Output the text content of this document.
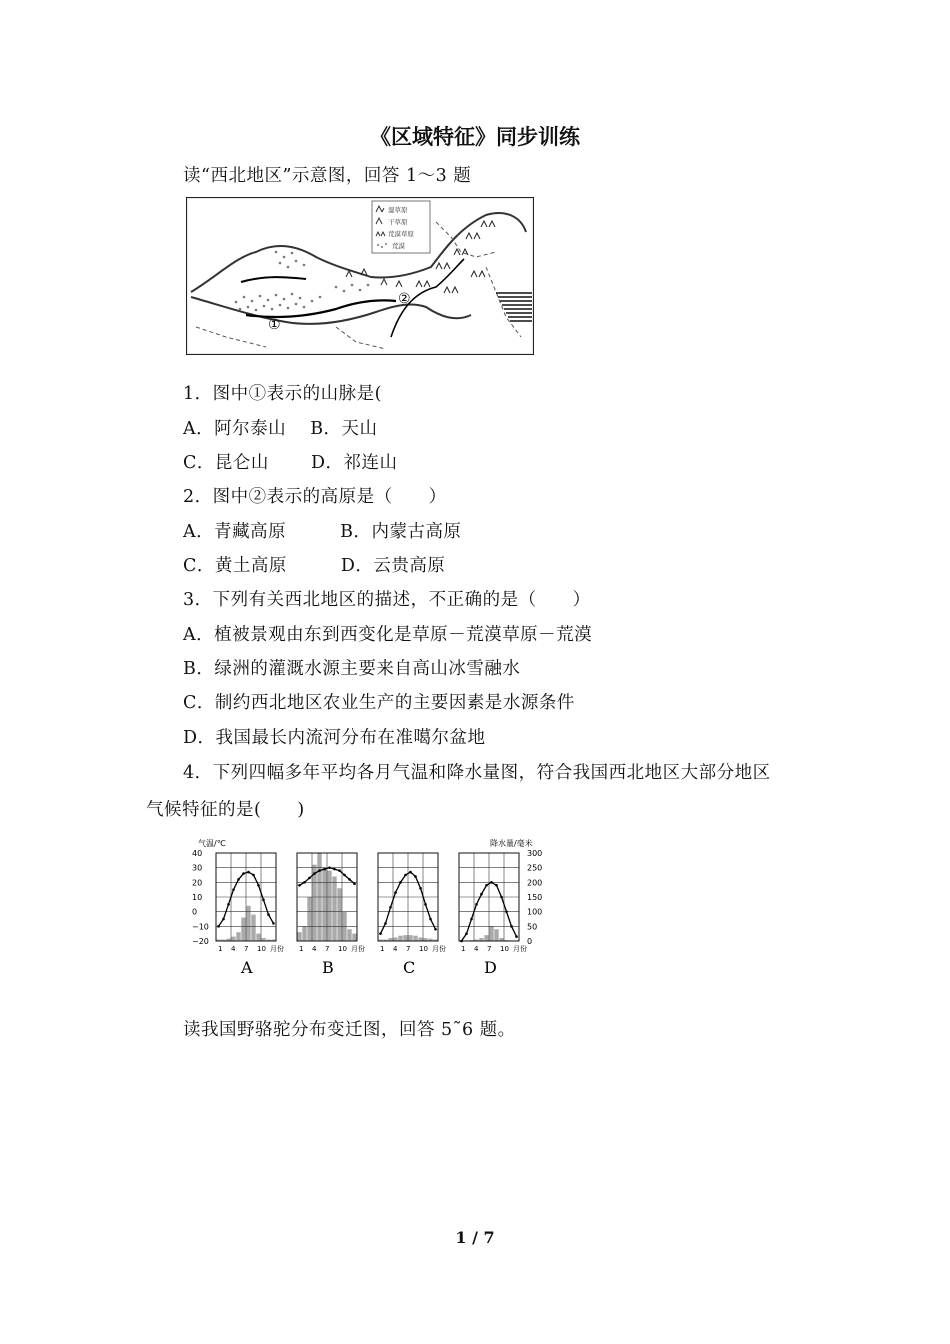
《区域特征》同步训练
读“西北地区”示意图，回答 1～3 题
湿草原
干草原
荒漠草原
荒漠
①
②
1．图中①表示的山脉是(
A．阿尔泰山　 B．天山
C．昆仑山　　 D．祁连山
2．图中②表示的高原是（　　）
A．青藏高原　　　B．内蒙古高原
C．黄土高原　　　D．云贵高原
3．下列有关西北地区的描述，不正确的是（　　）
A．植被景观由东到西变化是草原－荒漠草原－荒漠
B．绿洲的灌溉水源主要来自高山冰雪融水
C．制约西北地区农业生产的主要因素是水源条件
D．我国最长内流河分布在准噶尔盆地
4．下列四幅多年平均各月气温和降水量图，符合我国西北地区大部分地区
气候特征的是(　　)
40
30
20
10
0
−10
−20
300
250
200
150
100
50
0
1 4 7 10 月份
A
1 4 7 10 月份
B
1 4 7 10 月份
C
1 4 7 10 月份
D
气温/℃	降水量/毫米
读我国野骆驼分布变迁图，回答 5˜6 题。
1 / 7
